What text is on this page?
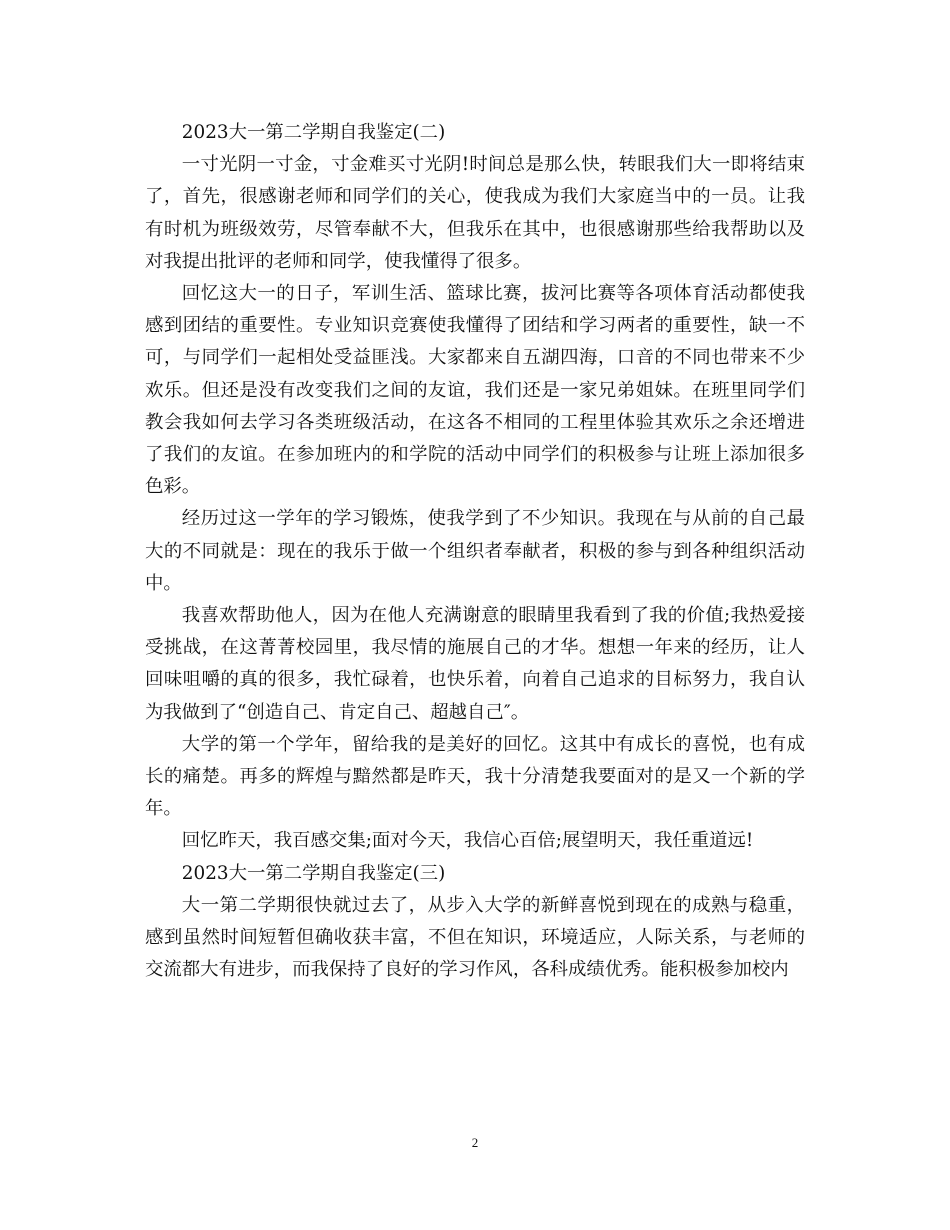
2023大一第二学期自我鉴定(二)

一寸光阴一寸金，寸金难买寸光阴!时间总是那么快，转眼我们大一即将结束了，首先，很感谢老师和同学们的关心，使我成为我们大家庭当中的一员。让我有时机为班级效劳，尽管奉献不大，但我乐在其中，也很感谢那些给我帮助以及对我提出批评的老师和同学，使我懂得了很多。

回忆这大一的日子，军训生活、篮球比赛，拔河比赛等各项体育活动都使我感到团结的重要性。专业知识竞赛使我懂得了团结和学习两者的重要性，缺一不可，与同学们一起相处受益匪浅。大家都来自五湖四海，口音的不同也带来不少欢乐。但还是没有改变我们之间的友谊，我们还是一家兄弟姐妹。在班里同学们教会我如何去学习各类班级活动，在这各不相同的工程里体验其欢乐之余还增进了我们的友谊。在参加班内的和学院的活动中同学们的积极参与让班上添加很多色彩。

经历过这一学年的学习锻炼，使我学到了不少知识。我现在与从前的自己最大的不同就是：现在的我乐于做一个组织者奉献者，积极的参与到各种组织活动中。

我喜欢帮助他人，因为在他人充满谢意的眼睛里我看到了我的价值;我热爱接受挑战，在这菁菁校园里，我尽情的施展自己的才华。想想一年来的经历，让人回味咀嚼的真的很多，我忙碌着，也快乐着，向着自己追求的目标努力，我自认为我做到了“创造自己、肯定自己、超越自己″。

大学的第一个学年，留给我的是美好的回忆。这其中有成长的喜悦，也有成长的痛楚。再多的辉煌与黯然都是昨天，我十分清楚我要面对的是又一个新的学年。

回忆昨天，我百感交集;面对今天，我信心百倍;展望明天，我任重道远!

2023大一第二学期自我鉴定(三)

大一第二学期很快就过去了，从步入大学的新鲜喜悦到现在的成熟与稳重，感到虽然时间短暂但确收获丰富，不但在知识，环境适应，人际关系，与老师的交流都大有进步，而我保持了良好的学习作风，各科成绩优秀。能积极参加校内

2
